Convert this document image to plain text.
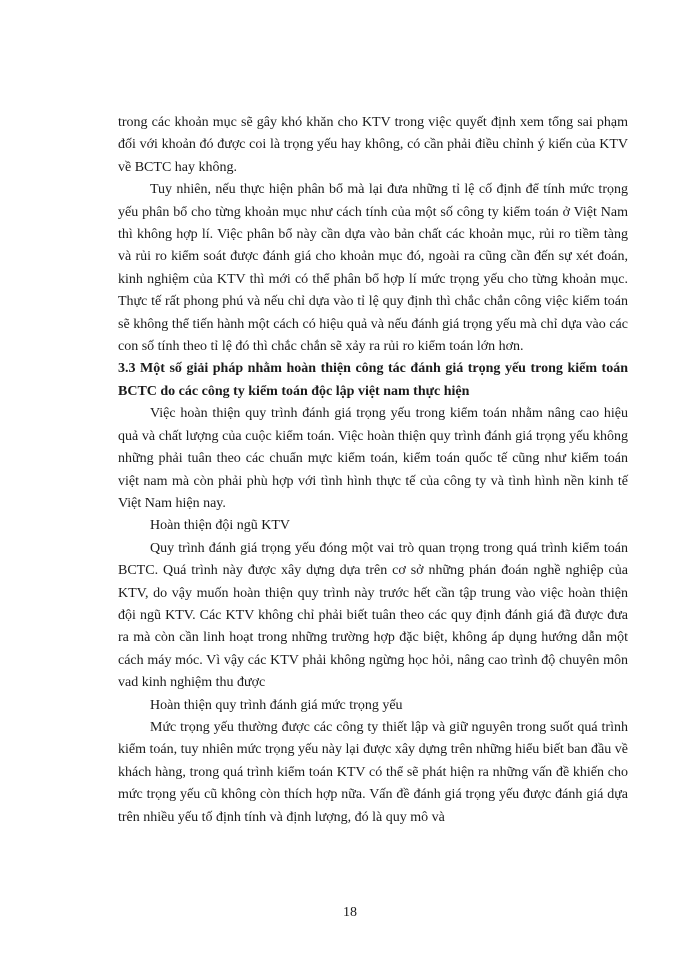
trong các khoản mục sẽ gây khó khăn cho KTV trong việc quyết định xem tổng sai phạm đối với khoản đó được coi là trọng yếu hay không, có cần phải điều chỉnh ý kiến của KTV về BCTC hay không.

Tuy nhiên, nếu thực hiện phân bổ mà lại đưa những tỉ lệ cố định để tính mức trọng yếu phân bổ cho từng khoản mục như cách tính của một số công ty kiểm toán ở Việt Nam thì không hợp lí. Việc phân bổ này cần dựa vào bản chất các khoản mục, rủi ro tiềm tàng và rủi ro kiểm soát được đánh giá cho khoản mục đó, ngoài ra cũng cần đến sự xét đoán, kinh nghiệm của KTV thì mới có thể phân bổ hợp lí mức trọng yếu cho từng khoản mục. Thực tế rất phong phú và nếu chỉ dựa vào tỉ lệ quy định thì chắc chắn công việc kiểm toán sẽ không thể tiến hành một cách có hiệu quả và nếu đánh giá trọng yếu mà chỉ dựa vào các con số tính theo tỉ lệ đó thì chắc chắn sẽ xảy ra rủi ro kiểm toán lớn hơn.

3.3 Một số giải pháp nhằm hoàn thiện công tác đánh giá trọng yếu trong kiểm toán BCTC do các công ty kiểm toán độc lập việt nam thực hiện

Việc hoàn thiện quy trình đánh giá trọng yếu trong kiểm toán nhằm nâng cao hiệu quả và chất lượng của cuộc kiểm toán. Việc hoàn thiện quy trình đánh giá trọng yếu không những phải tuân theo các chuẩn mực kiểm toán, kiểm toán quốc tế cũng như kiểm toán việt nam mà còn phải phù hợp với tình hình thực tế của công ty và tình hình nền kinh tế Việt Nam hiện nay.

Hoàn thiện đội ngũ KTV

Quy trình đánh giá trọng yếu đóng một vai trò quan trọng trong quá trình kiểm toán BCTC. Quá trình này được xây dựng dựa trên cơ sở những phán đoán nghề nghiệp của KTV, do vậy muốn hoàn thiện quy trình này trước hết cần tập trung vào việc hoàn thiện đội ngũ KTV. Các KTV không chỉ phải biết tuân theo các quy định đánh giá đã được đưa ra mà còn cần linh hoạt trong những trường hợp đặc biệt, không áp dụng hướng dẫn một cách máy móc. Vì vậy các KTV phải không ngừng học hỏi, nâng cao trình độ chuyên môn vad kinh nghiệm thu được

Hoàn thiện quy trình đánh giá mức trọng yếu

Mức trọng yếu thường được các công ty thiết lập và giữ nguyên trong suốt quá trình kiểm toán, tuy nhiên mức trọng yếu này lại được xây dựng trên những hiểu biết ban đầu về khách hàng, trong quá trình kiểm toán KTV có thể sẽ phát hiện ra những vấn đề khiến cho mức trọng yếu cũ không còn thích hợp nữa. Vấn đề đánh giá trọng yếu được đánh giá dựa trên nhiều yếu tố định tính và định lượng, đó là quy mô và

18
